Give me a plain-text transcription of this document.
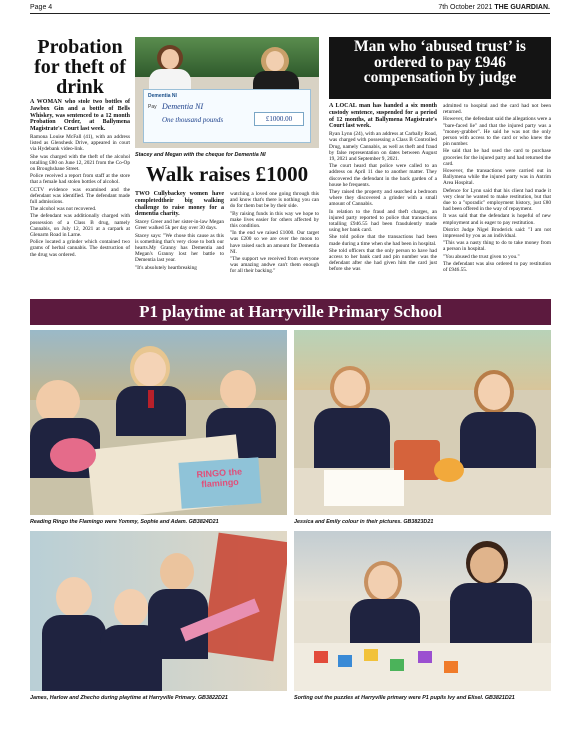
Page 4	7th October 2021 THE GUARDIAN.
Probation for theft of drink

A WOMAN who stole two bottles of Jawbox Gin and a bottle of Bells Whiskey, was sentenced to a 12 month Probation Order, at Ballymena Magistrate's Court last week.

Ramona Louise McFall (41), with an address listed as Glenshesk Drive, appeared in court via Hydebank video-link.

She was charged with the theft of the alcohol totalling £80 on June 12, 2021 from the Co-Op on Broughshane Street.

Police received a report from staff at the store that a female had stolen bottles of alcohol.

CCTV evidence was examined and the defendant was identified. The defendant made full admissions.

The alcohol was not recovered.

The defendant was additionally charged with possession of a Class B drug, namely Cannabis, on July 12, 2021 at a carpark at Glenarm Road in Larne.

Police located a grinder which contained two grams of herbal cannabis. The destruction of the drug was ordered.

Dementia NI
Pay Dementia NI
One thousand pounds	£1000.00
Stacey and Megan with the cheque for Dementia NI
Walk raises £1000

TWO Cullybackey women have completedtheir big walking challenge to raise money for a dementia charity.

Stacey Greer and her sister-in-law Megan Greer walked 5k per day over 30 days.

Stacey says: "We chose this cause as this is something that's very close to both our hearts.My Granny has Dementia and Megan's Granny lost her battle to Dementia last year.

"It's absolutely heartbreaking

watching a loved one going through this and know that's there is nothing you can do for them but be by their side.

"By raising funds in this way we hope to make lives easier for others affected by this condition.

"In the end we raised £1000. Our target was £200 so we are over the moon to have raised such an amount for Dementia NI.

"The support we received from everyone was amazing andwe can't them enough for all their backing."

Man who ‘abused trust’ is ordered to pay £946 compensation by judge

A LOCAL man has handed a six month custody sentence, suspended for a period of 12 months, at Ballymena Magistrate's Court last week.

Ryan Lynn (24), with an address at Carbally Road, was charged with possessing a Class B Controlled Drug, namely Cannabis, as well as theft and fraud by false representation on dates between August 19, 2021 and September 9, 2021.

The court heard that police were called to an address on April 11 due to another matter. They discovered the defendant in the back garden of a house he frequents.

They raised the property and searched a bedroom where they discovered a grinder with a small amount of Cannabis.

In relation to the fraud and theft charges, an injured party reported to police that transactions totalling £946.55 had been fraudulently made using her bank card.

She told police that the transactions had been made during a time when she had been in hospital.

She told officers that the only person to have had access to her bank card and pin number was the defendant after she had given him the card just before she was

admitted to hospital and the card had not been returned.

However, the defendant said the allegations were a "bare-faced lie" and that the injured party was a "money-grabber". He said he was not the only person with access to the card or who knew the pin number.

He said that he had used the card to purchase groceries for the injured party and had returned the card.

However, the transactions were carried out in Ballymena while the injured party was in Antrim Area Hospital.

Defence for Lynn said that his client had made it very clear he wanted to make restitution, but that due to a "sporadic" employment history, just £80 had been offered in the way of repayment.

It was said that the defendant is hopeful of new employment and is eager to pay restitution.

District Judge Nigel Broderick said: "I am not impressed by you as an individual.

"This was a nasty thing to do to take money from a person in hospital.

"You abused the trust given to you."

The defendant was also ordered to pay restitution of £946.55.

P1 playtime at Harryville Primary School
RINGO the flamingo
Reading Ringo the Flamingo were Yommy, Sophie and Adam. GB3824D21	Jessica and Emily colour in their pictures. GB3823D21
James, Harlow and Zhecho during playtime at Harryville Primary. GB3822D21	Sorting out the puzzles at Harryville primary were P1 pupils Ivy and Elisel. GB3821D21
